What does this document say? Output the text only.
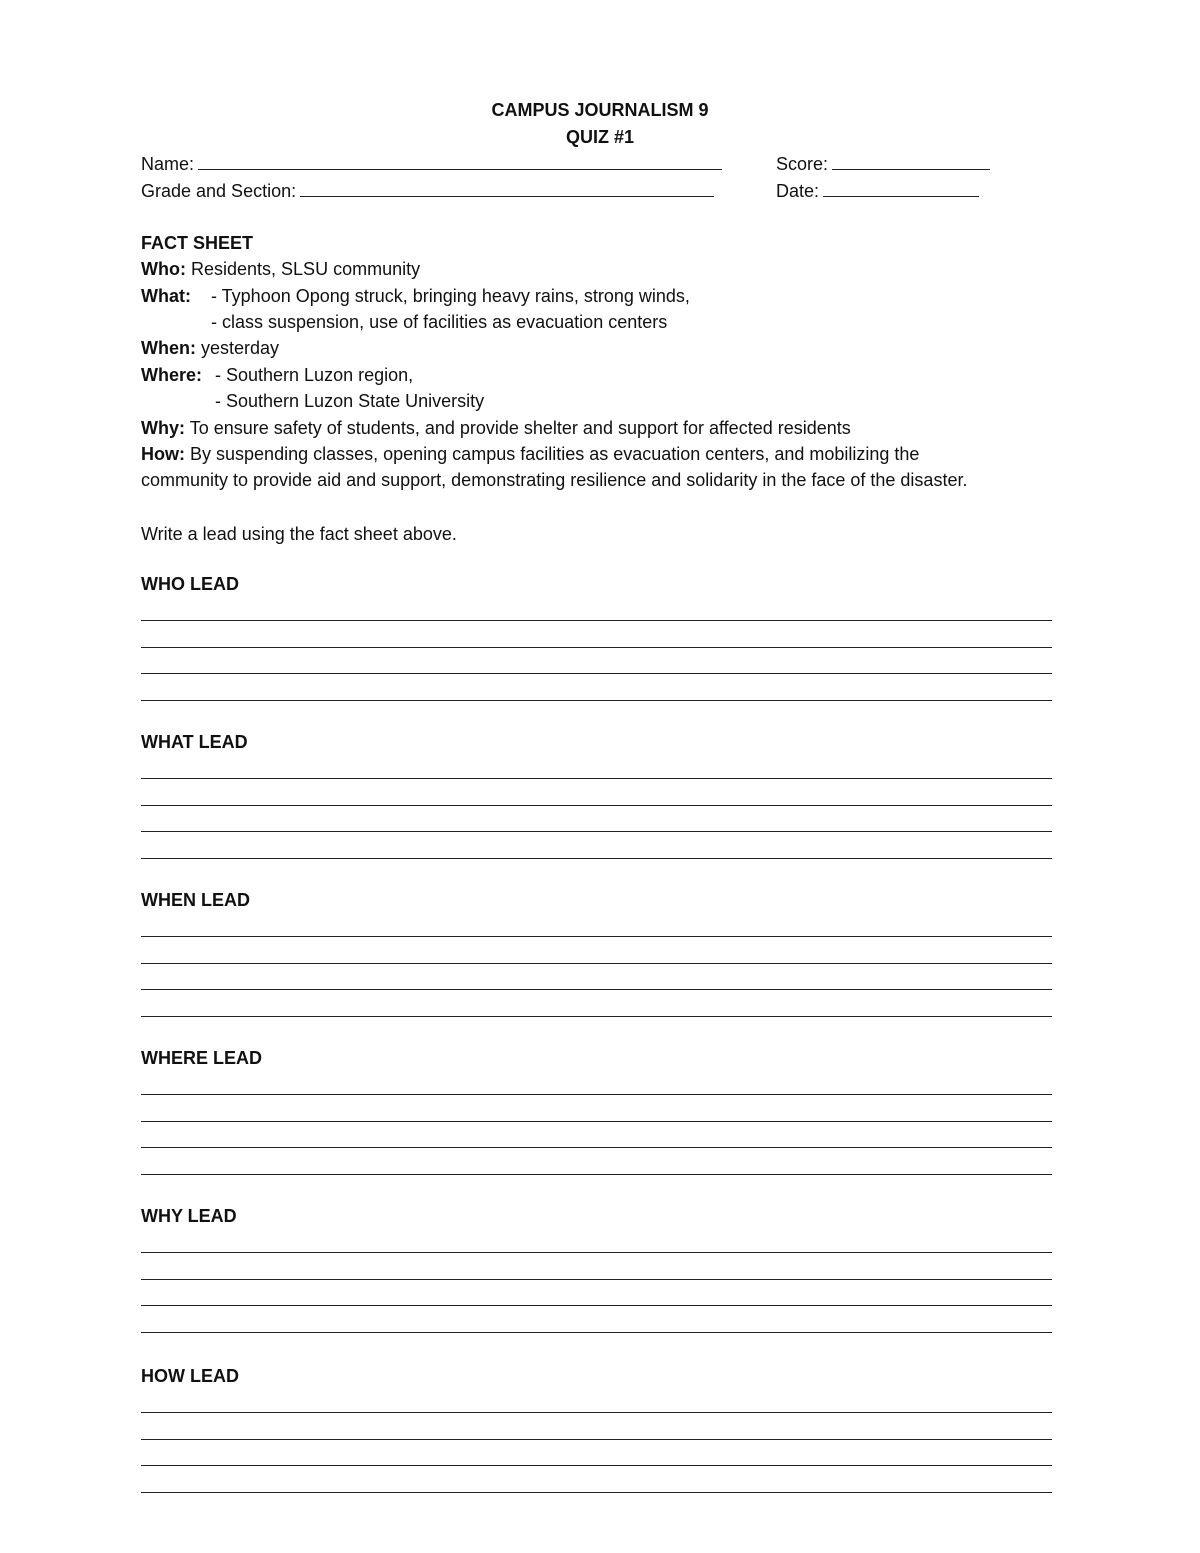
CAMPUS JOURNALISM 9
QUIZ #1
Name:	Score:
Grade and Section:	Date:
FACT SHEET
Who: Residents, SLSU community
What: - Typhoon Opong struck, bringing heavy rains, strong winds,
- class suspension, use of facilities as evacuation centers
When: yesterday
Where: - Southern Luzon region,
- Southern Luzon State University
Why: To ensure safety of students, and provide shelter and support for affected residents
How: By suspending classes, opening campus facilities as evacuation centers, and mobilizing the
community to provide aid and support, demonstrating resilience and solidarity in the face of the disaster.
Write a lead using the fact sheet above.
WHO LEAD
WHAT LEAD
WHEN LEAD
WHERE LEAD
WHY LEAD
HOW LEAD
